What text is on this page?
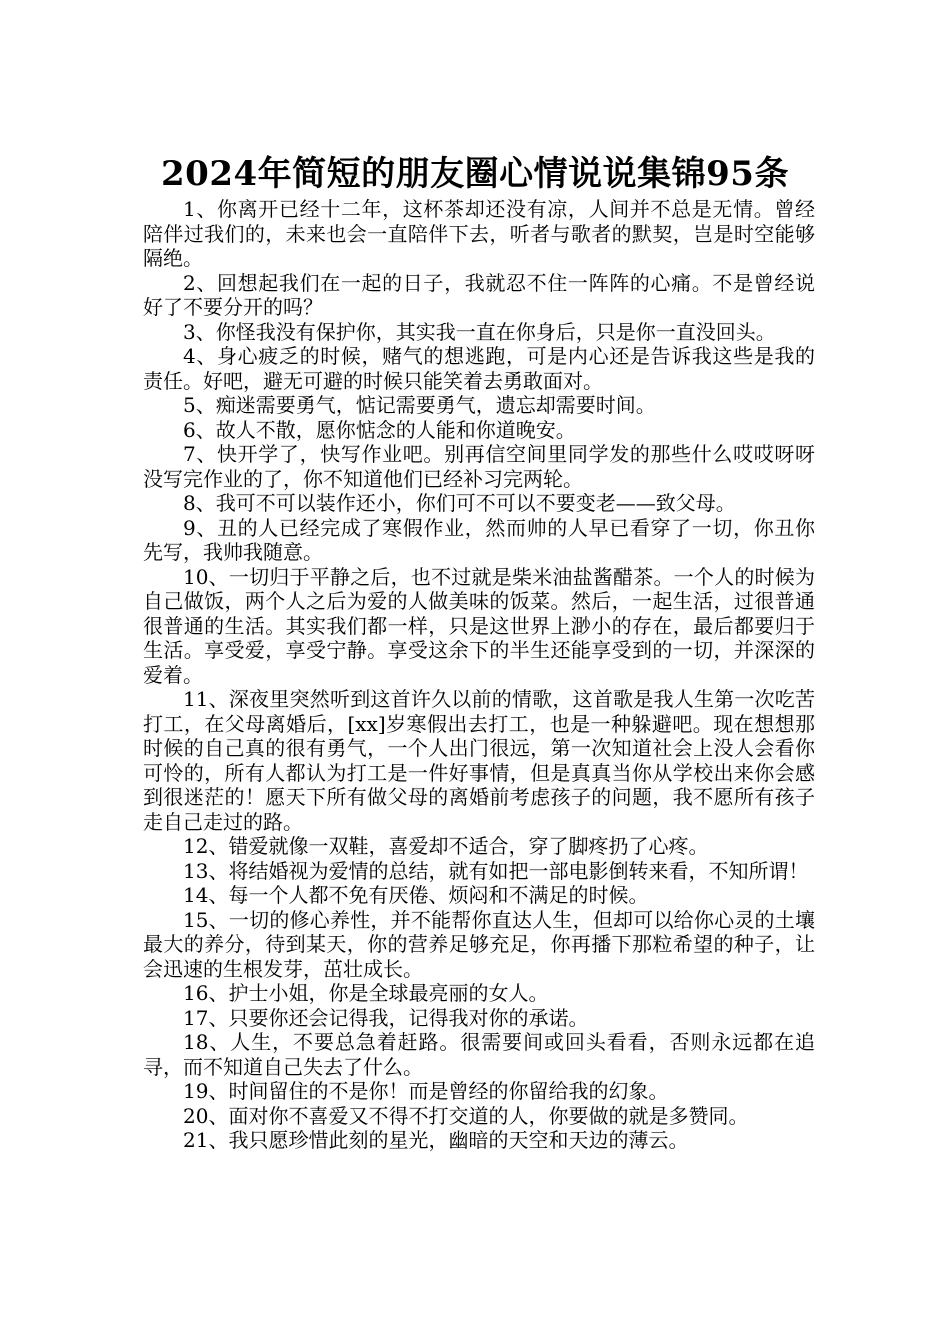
2024年简短的朋友圈心情说说集锦95条

1、你离开已经十二年，这杯茶却还没有凉，人间并不总是无情。曾经陪伴过我们的，未来也会一直陪伴下去，听者与歌者的默契，岂是时空能够隔绝。

2、回想起我们在一起的日子，我就忍不住一阵阵的心痛。不是曾经说好了不要分开的吗？

3、你怪我没有保护你，其实我一直在你身后，只是你一直没回头。

4、身心疲乏的时候，赌气的想逃跑，可是内心还是告诉我这些是我的责任。好吧，避无可避的时候只能笑着去勇敢面对。

5、痴迷需要勇气，惦记需要勇气，遗忘却需要时间。

6、故人不散，愿你惦念的人能和你道晚安。

7、快开学了，快写作业吧。别再信空间里同学发的那些什么哎哎呀呀没写完作业的了，你不知道他们已经补习完两轮。

8、我可不可以装作还小，你们可不可以不要变老——致父母。

9、丑的人已经完成了寒假作业，然而帅的人早已看穿了一切，你丑你先写，我帅我随意。

10、一切归于平静之后，也不过就是柴米油盐酱醋茶。一个人的时候为自己做饭，两个人之后为爱的人做美味的饭菜。然后，一起生活，过很普通很普通的生活。其实我们都一样，只是这世界上渺小的存在，最后都要归于生活。享受爱，享受宁静。享受这余下的半生还能享受到的一切，并深深的爱着。

11、深夜里突然听到这首许久以前的情歌，这首歌是我人生第一次吃苦打工，在父母离婚后，[xx]岁寒假出去打工，也是一种躲避吧。现在想想那时候的自己真的很有勇气，一个人出门很远，第一次知道社会上没人会看你可怜的，所有人都认为打工是一件好事情，但是真真当你从学校出来你会感到很迷茫的！愿天下所有做父母的离婚前考虑孩子的问题，我不愿所有孩子走自己走过的路。

12、错爱就像一双鞋，喜爱却不适合，穿了脚疼扔了心疼。

13、将结婚视为爱情的总结，就有如把一部电影倒转来看，不知所谓！

14、每一个人都不免有厌倦、烦闷和不满足的时候。

15、一切的修心养性，并不能帮你直达人生，但却可以给你心灵的土壤最大的养分，待到某天，你的营养足够充足，你再播下那粒希望的种子，让会迅速的生根发芽，茁壮成长。

16、护士小姐，你是全球最亮丽的女人。

17、只要你还会记得我，记得我对你的承诺。

18、人生，不要总急着赶路。很需要间或回头看看，否则永远都在追寻，而不知道自己失去了什么。

19、时间留住的不是你！而是曾经的你留给我的幻象。

20、面对你不喜爱又不得不打交道的人，你要做的就是多赞同。

21、我只愿珍惜此刻的星光，幽暗的天空和天边的薄云。
